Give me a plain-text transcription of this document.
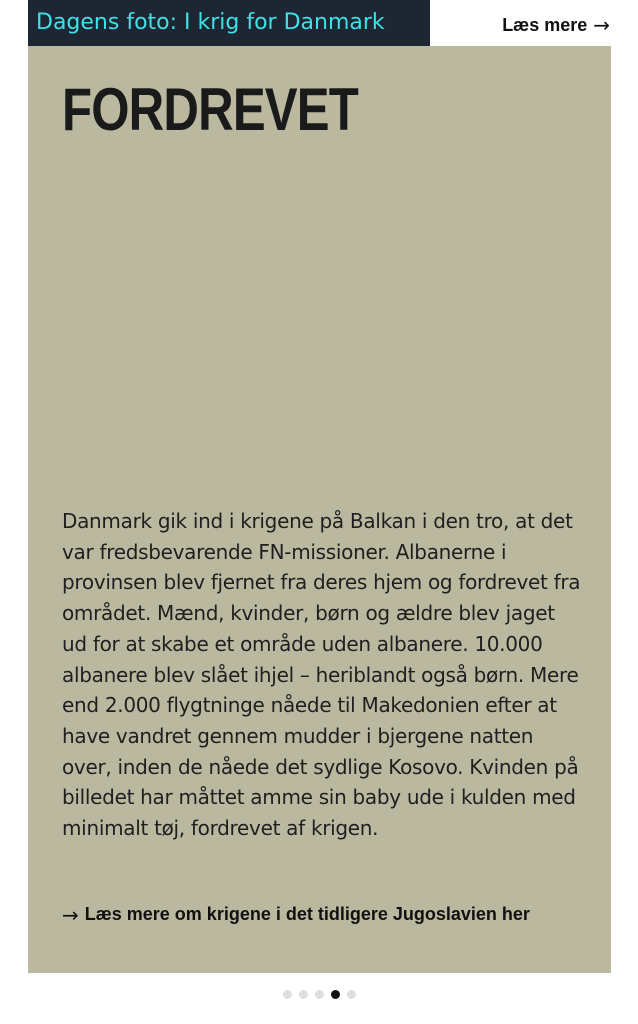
Dagens foto: I krig for Danmark	Læs mere →
FORDREVET
Danmark gik ind i krigene på Balkan i den tro, at det var fredsbevarende FN-missioner. Albanerne i provinsen blev fjernet fra deres hjem og fordrevet fra området. Mænd, kvinder, børn og ældre blev jaget ud for at skabe et område uden albanere. 10.000 albanere blev slået ihjel – heriblandt også børn. Mere end 2.000 flygtninge nåede til Makedonien efter at have vandret gennem mudder i bjergene natten over, inden de nåede det sydlige Kosovo. Kvinden på billedet har måttet amme sin baby ude i kulden med minimalt tøj, fordrevet af krigen.
→ Læs mere om krigene i det tidligere Jugoslavien her
